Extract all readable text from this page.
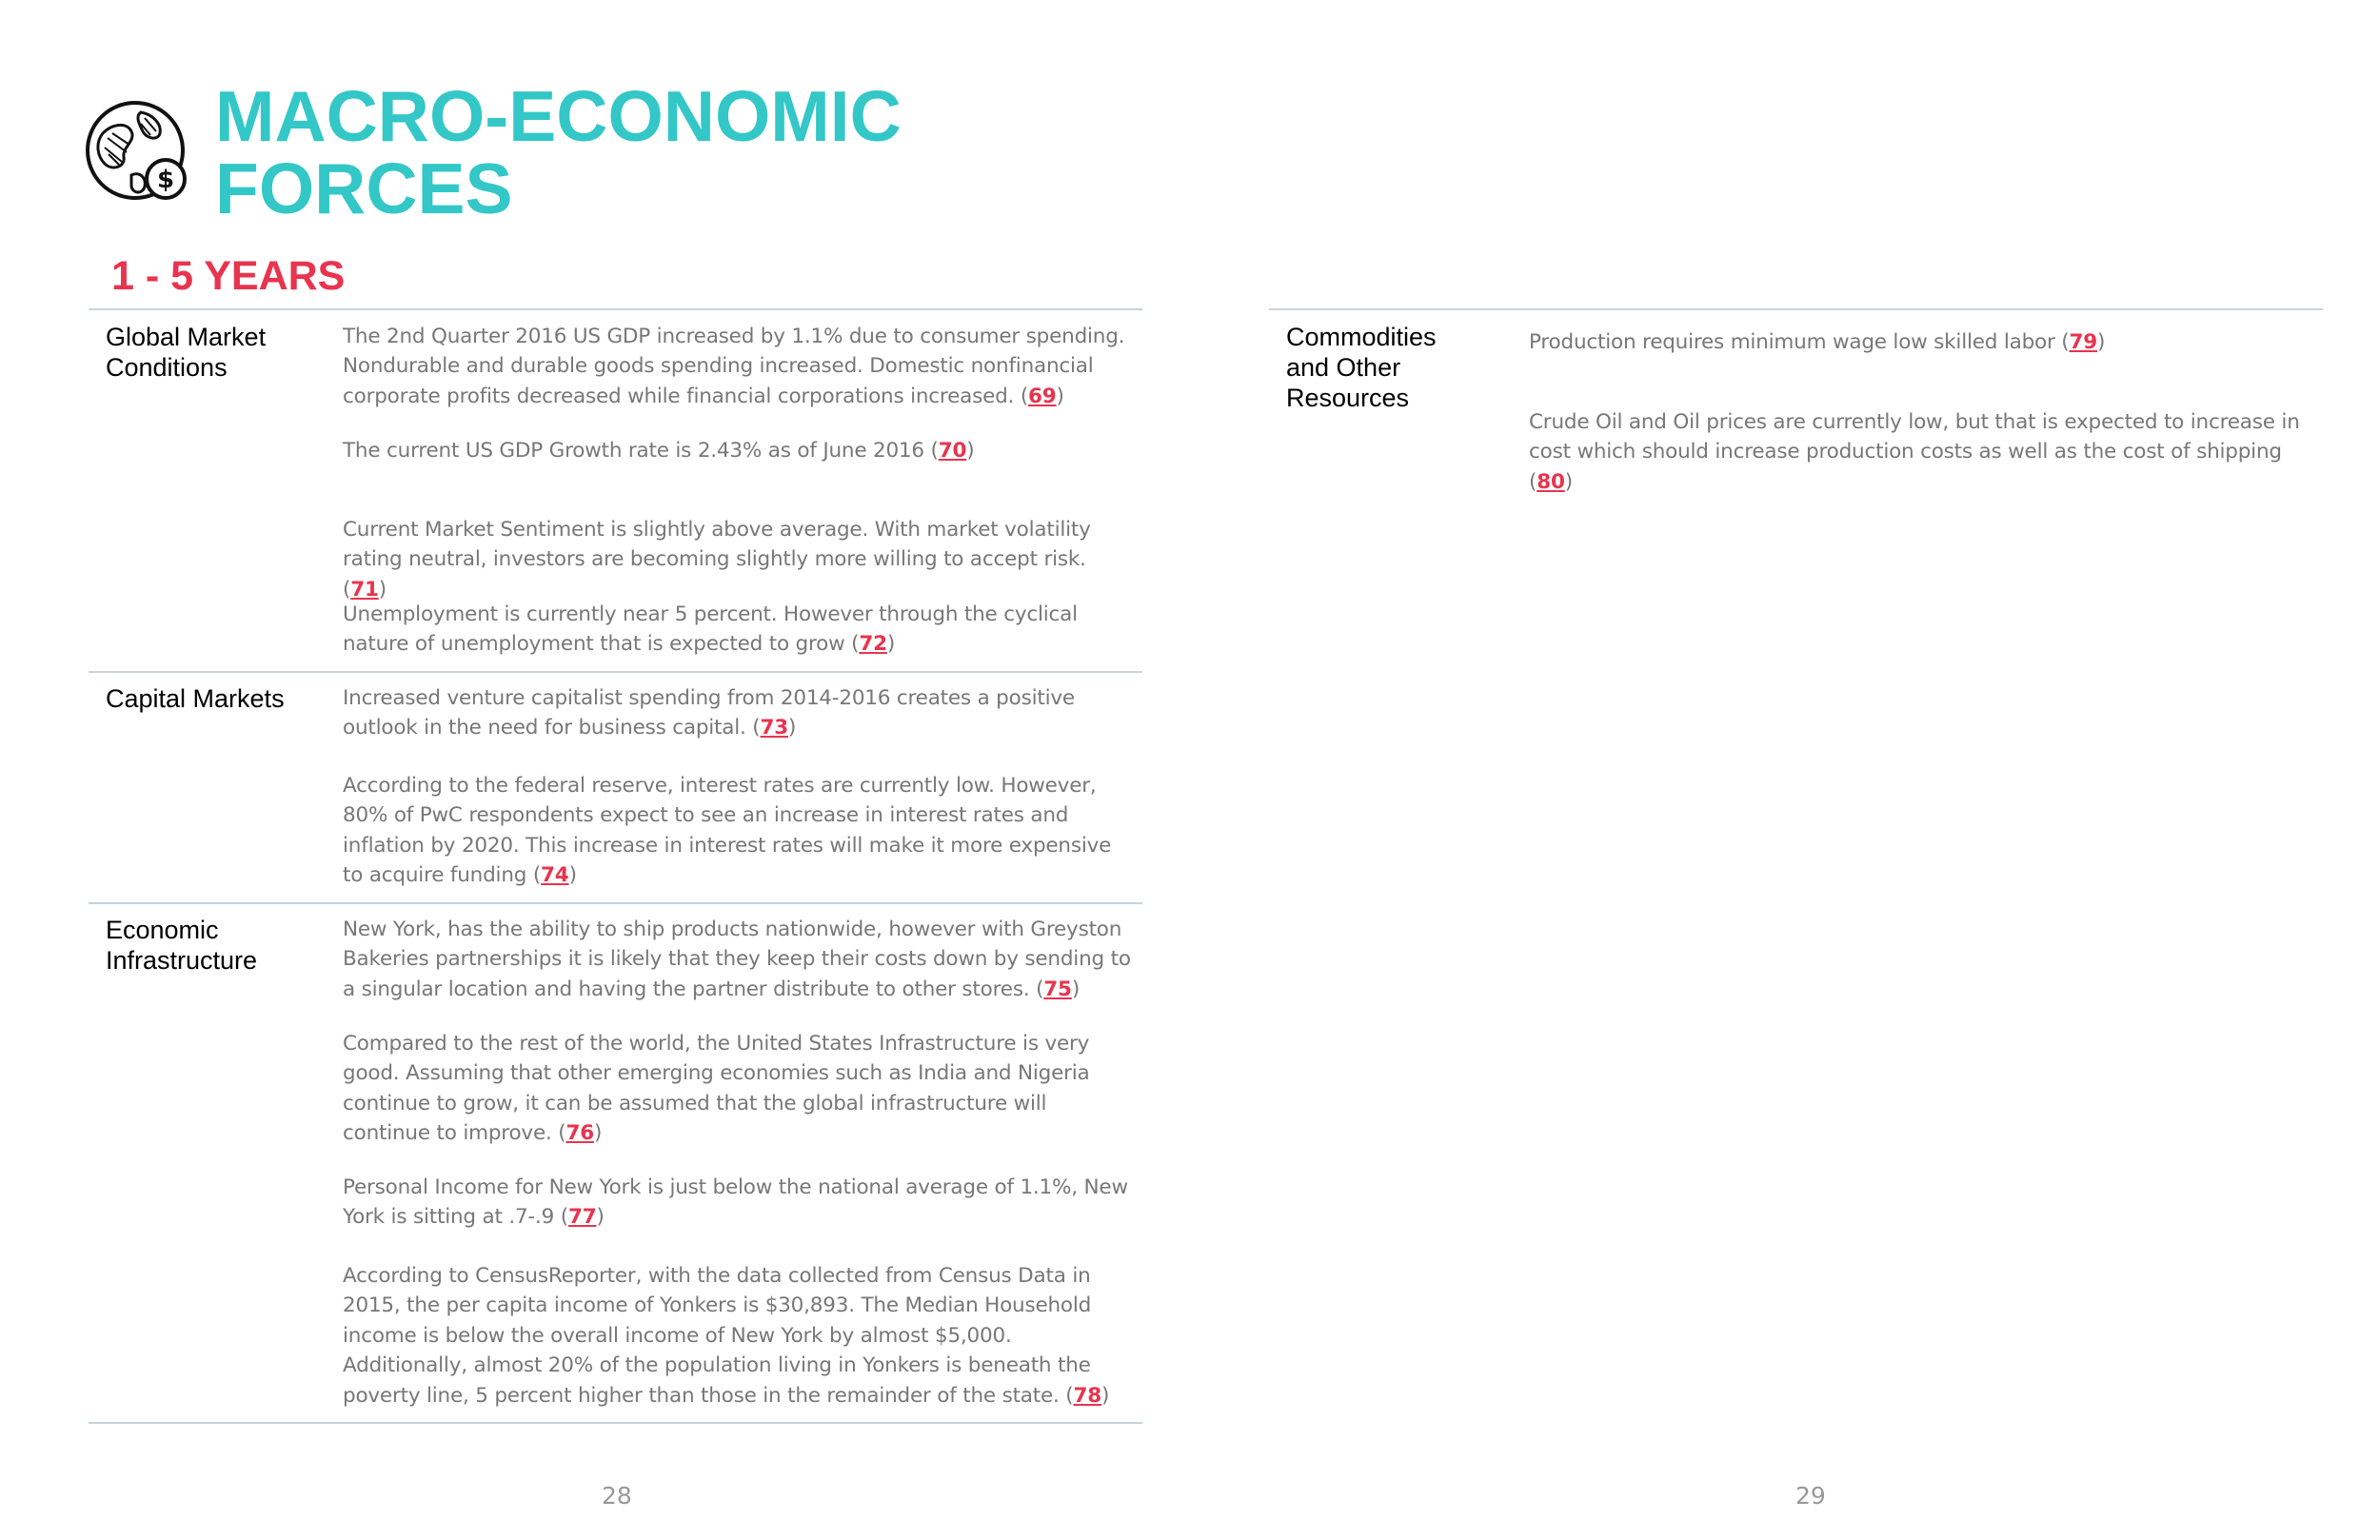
$
MACRO-ECONOMIC
FORCES
1 - 5 YEARS
Global Market Conditions
Capital Markets
Economic Infrastructure
The 2nd Quarter 2016 US GDP increased by 1.1% due to consumer spending. Nondurable and durable goods spending increased. Domestic nonfinancial corporate profits decreased while financial corporations increased. (69)
The current US GDP Growth rate is 2.43% as of June 2016 (70)
Current Market Sentiment is slightly above average. With market volatility rating neutral, investors are becoming slightly more willing to accept risk. (71)
Unemployment is currently near 5 percent. However through the cyclical nature of unemployment that is expected to grow (72)
Increased venture capitalist spending from 2014-2016 creates a positive outlook in the need for business capital. (73)
According to the federal reserve, interest rates are currently low. However, 80% of PwC respondents expect to see an increase in interest rates and inflation by 2020. This increase in interest rates will make it more expensive to acquire funding (74)
New York, has the ability to ship products nationwide, however with Greyston Bakeries partnerships it is likely that they keep their costs down by sending to a singular location and having the partner distribute to other stores. (75)
Compared to the rest of the world, the United States Infrastructure is very good. Assuming that other emerging economies such as India and Nigeria continue to grow, it can be assumed that the global infrastructure will continue to improve. (76)
Personal Income for New York is just below the national average of 1.1%, New York is sitting at .7-.9 (77)
According to CensusReporter, with the data collected from Census Data in 2015, the per capita income of Yonkers is $30,893. The Median Household income is below the overall income of New York by almost $5,000. Additionally, almost 20% of the population living in Yonkers is beneath the poverty line, 5 percent higher than those in the remainder of the state. (78)
Commodities and Other Resources
Production requires minimum wage low skilled labor (79)
Crude Oil and Oil prices are currently low, but that is expected to increase in cost which should increase production costs as well as the cost of shipping (80)
28	29
